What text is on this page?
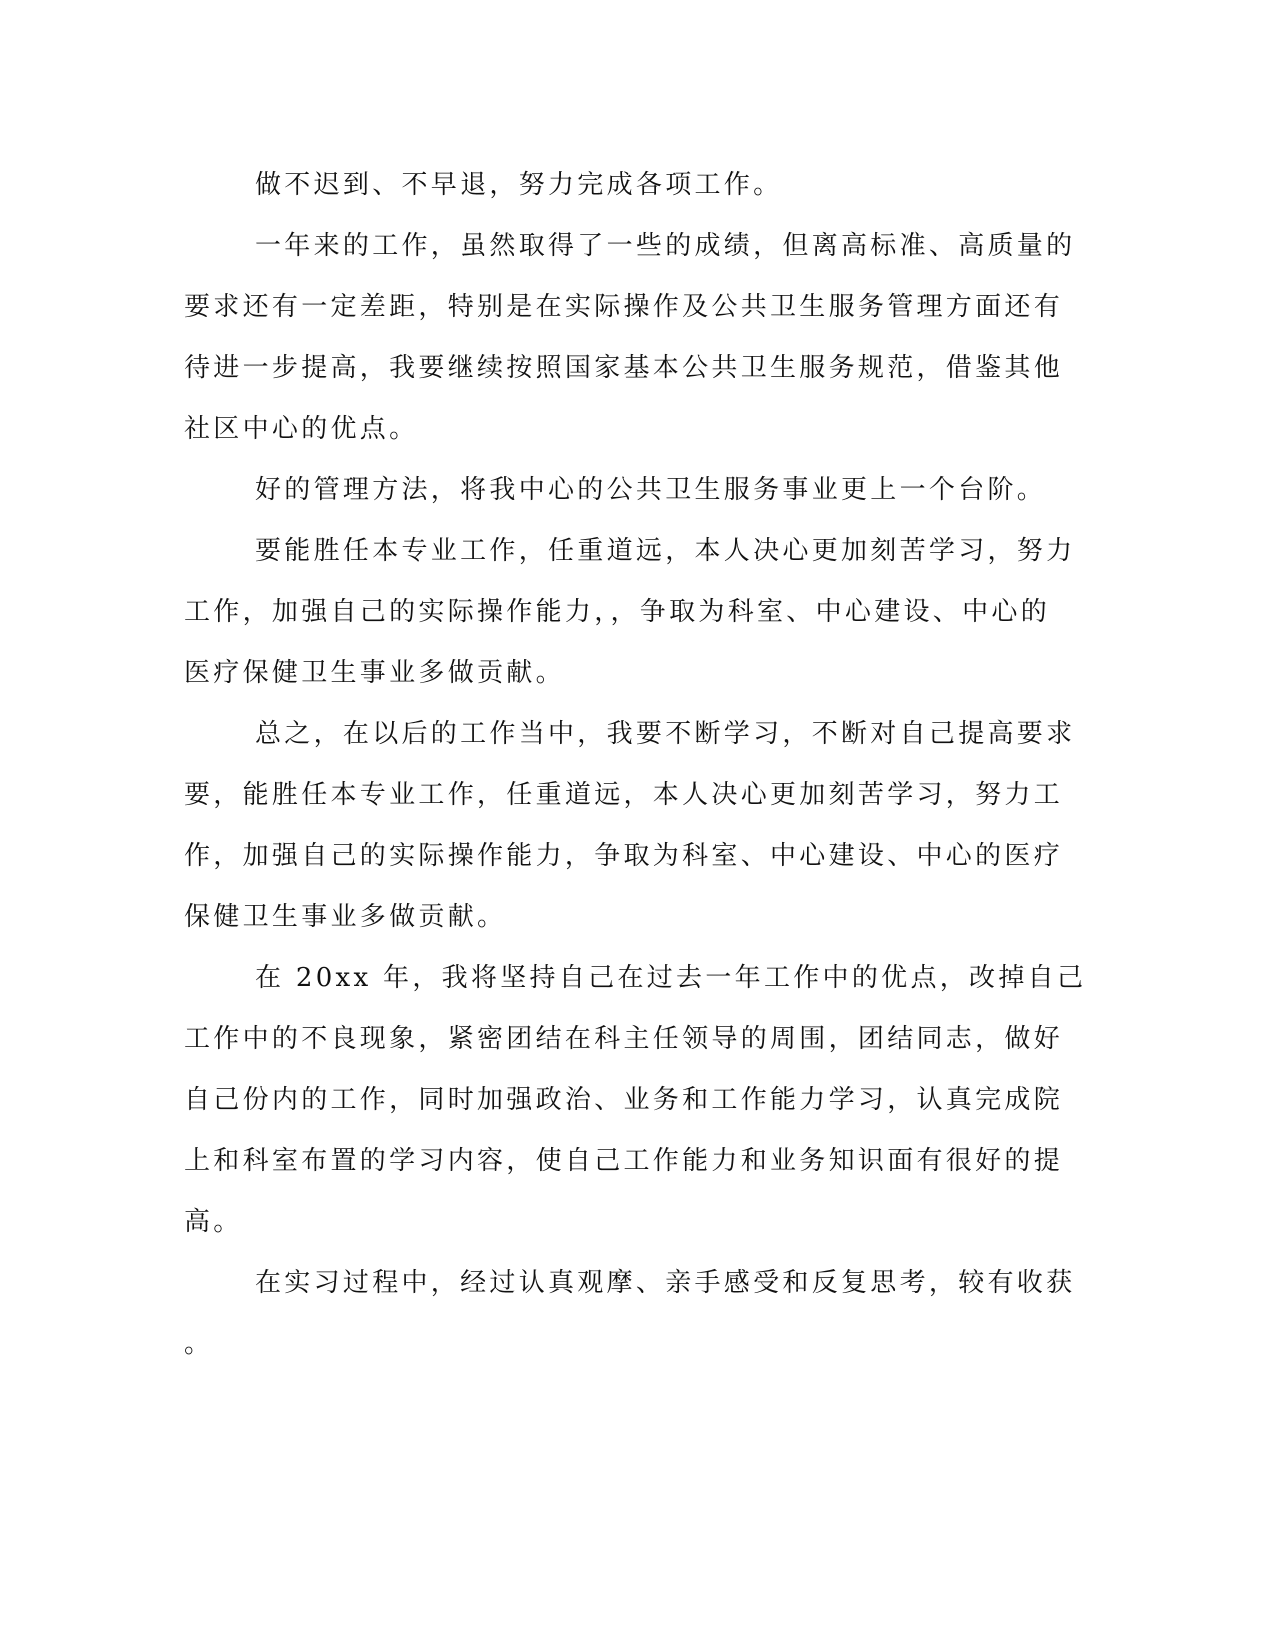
做不迟到、不早退，努力完成各项工作。

一年来的工作，虽然取得了一些的成绩，但离高标准、高质量的
要求还有一定差距，特别是在实际操作及公共卫生服务管理方面还有
待进一步提高，我要继续按照国家基本公共卫生服务规范，借鉴其他
社区中心的优点。

好的管理方法，将我中心的公共卫生服务事业更上一个台阶。

要能胜任本专业工作，任重道远，本人决心更加刻苦学习，努力
工作，加强自己的实际操作能力，，争取为科室、中心建设、中心的
医疗保健卫生事业多做贡献。

总之，在以后的工作当中，我要不断学习，不断对自己提高要求
要，能胜任本专业工作，任重道远，本人决心更加刻苦学习，努力工
作，加强自己的实际操作能力，争取为科室、中心建设、中心的医疗
保健卫生事业多做贡献。

在 20xx 年，我将坚持自己在过去一年工作中的优点，改掉自己
工作中的不良现象，紧密团结在科主任领导的周围，团结同志，做好
自己份内的工作，同时加强政治、业务和工作能力学习，认真完成院
上和科室布置的学习内容，使自己工作能力和业务知识面有很好的提
高。

在实习过程中，经过认真观摩、亲手感受和反复思考，较有收获
。
